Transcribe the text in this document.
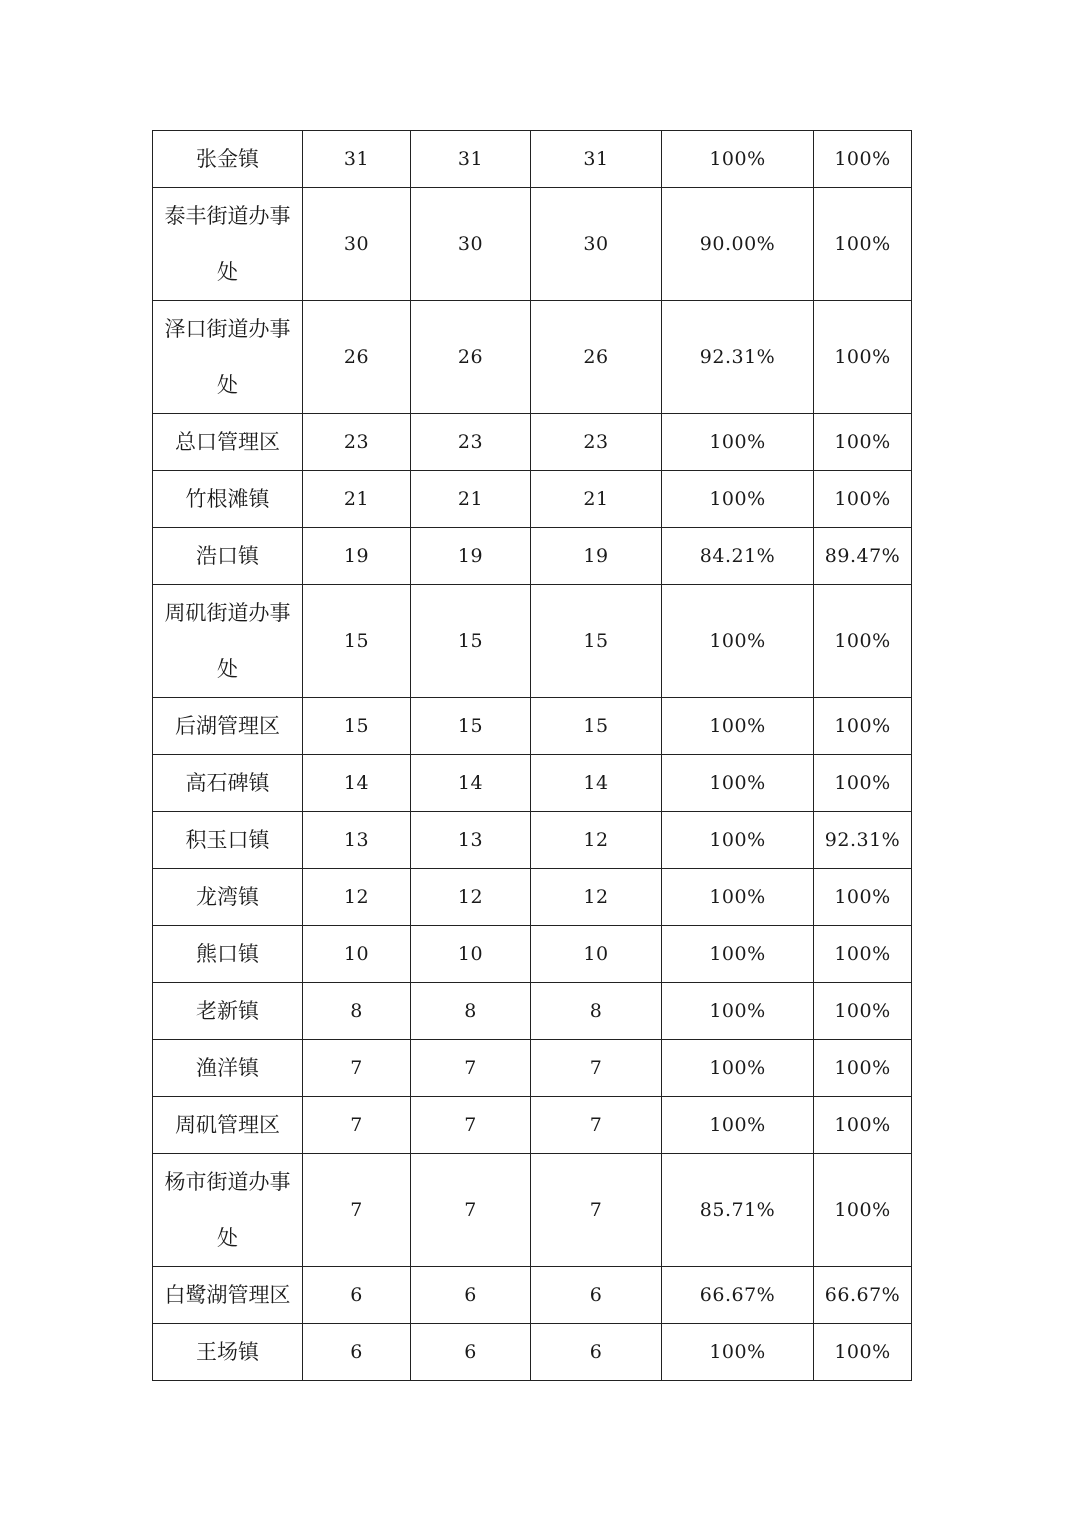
张金镇	31	31	31	100%	100%
泰丰街道办事处	30	30	30	90.00%	100%
泽口街道办事处	26	26	26	92.31%	100%
总口管理区	23	23	23	100%	100%
竹根滩镇	21	21	21	100%	100%
浩口镇	19	19	19	84.21%	89.47%
周矶街道办事处	15	15	15	100%	100%
后湖管理区	15	15	15	100%	100%
高石碑镇	14	14	14	100%	100%
积玉口镇	13	13	12	100%	92.31%
龙湾镇	12	12	12	100%	100%
熊口镇	10	10	10	100%	100%
老新镇	8	8	8	100%	100%
渔洋镇	7	7	7	100%	100%
周矶管理区	7	7	7	100%	100%
杨市街道办事处	7	7	7	85.71%	100%
白鹭湖管理区	6	6	6	66.67%	66.67%
王场镇	6	6	6	100%	100%
